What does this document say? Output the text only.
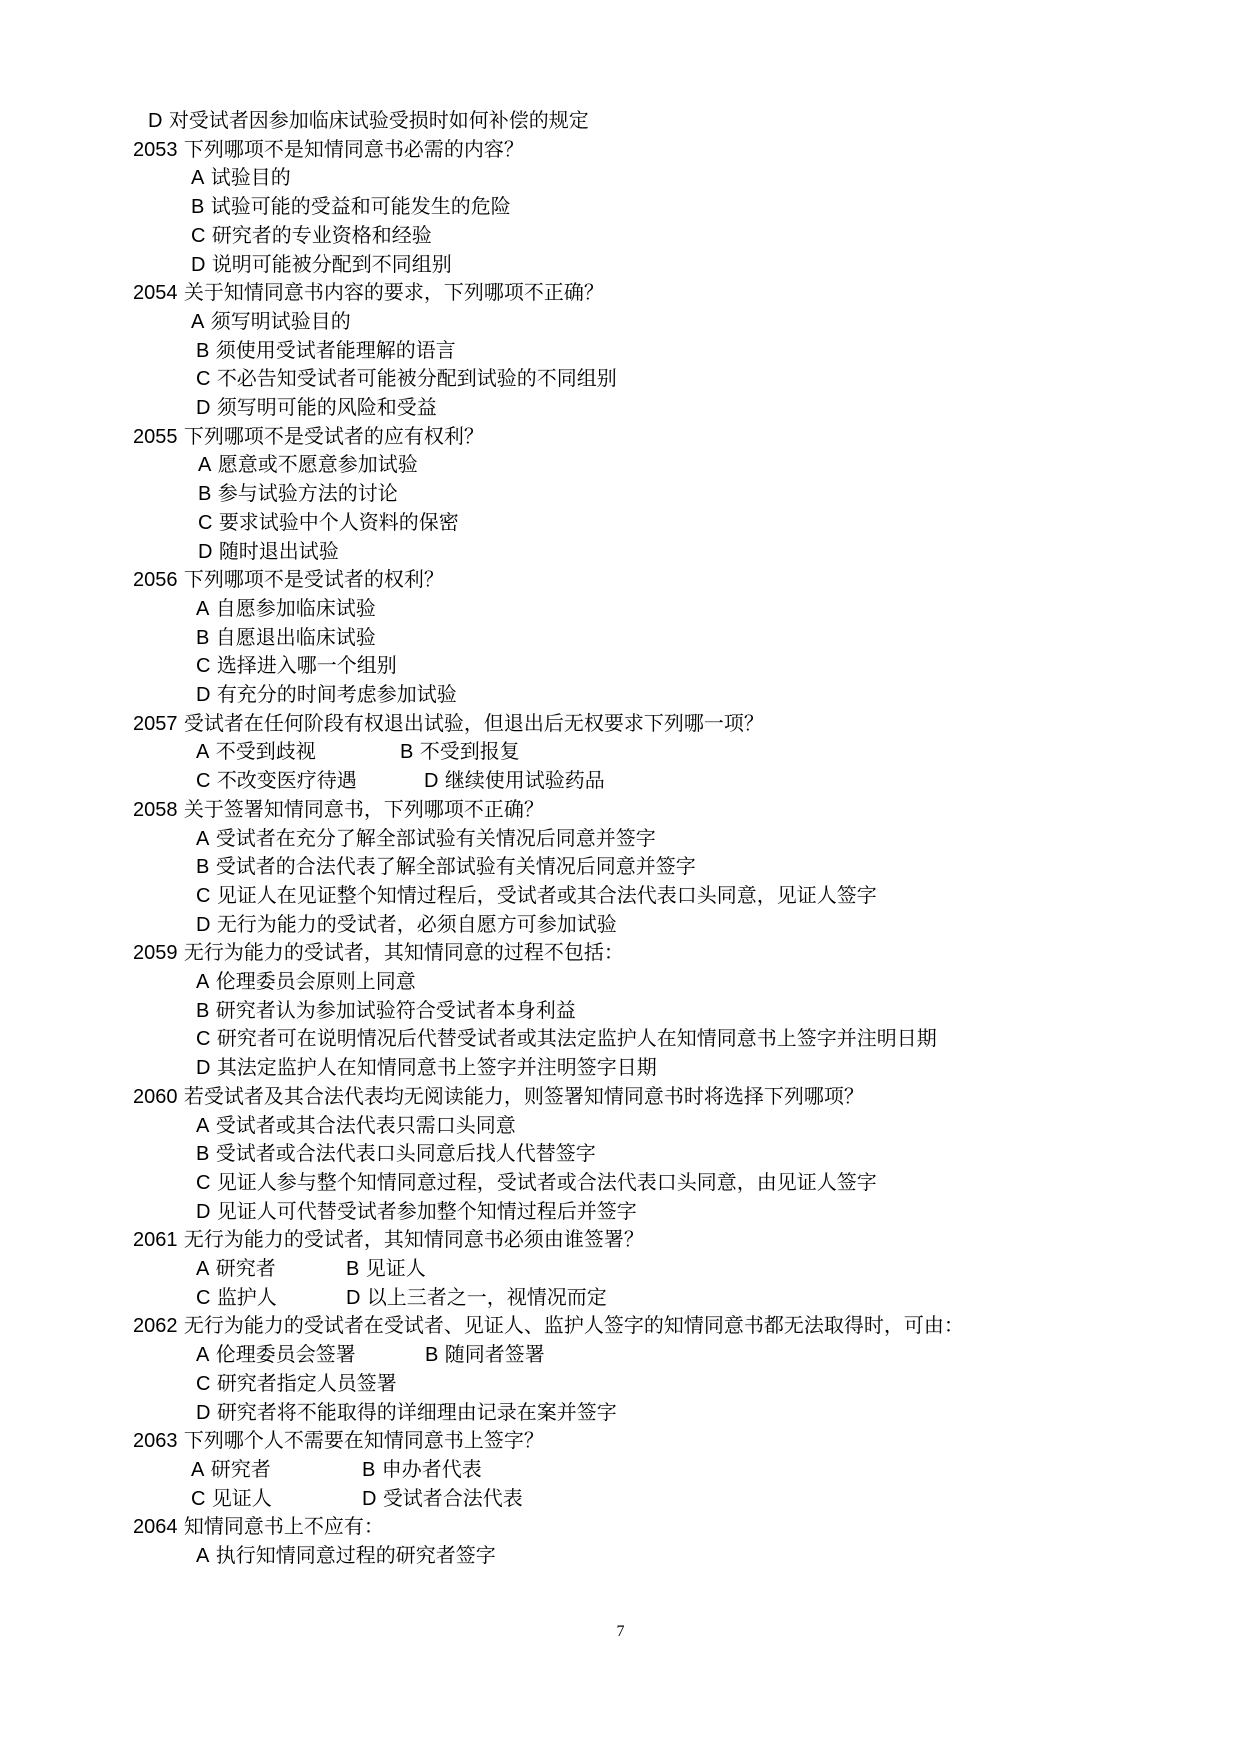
D 对受试者因参加临床试验受损时如何补偿的规定
2053 下列哪项不是知情同意书必需的内容？
A 试验目的
B 试验可能的受益和可能发生的危险
C 研究者的专业资格和经验
D 说明可能被分配到不同组别
2054 关于知情同意书内容的要求，下列哪项不正确？
A 须写明试验目的
B 须使用受试者能理解的语言
C 不必告知受试者可能被分配到试验的不同组别
D 须写明可能的风险和受益
2055 下列哪项不是受试者的应有权利？
A 愿意或不愿意参加试验
B 参与试验方法的讨论
C 要求试验中个人资料的保密
D 随时退出试验
2056 下列哪项不是受试者的权利？
A 自愿参加临床试验
B 自愿退出临床试验
C 选择进入哪一个组别
D 有充分的时间考虑参加试验
2057 受试者在任何阶段有权退出试验，但退出后无权要求下列哪一项？
A 不受到歧视	B 不受到报复
C 不改变医疗待遇	D 继续使用试验药品
2058 关于签署知情同意书，下列哪项不正确？
A 受试者在充分了解全部试验有关情况后同意并签字
B 受试者的合法代表了解全部试验有关情况后同意并签字
C 见证人在见证整个知情过程后，受试者或其合法代表口头同意，见证人签字
D 无行为能力的受试者，必须自愿方可参加试验
2059 无行为能力的受试者，其知情同意的过程不包括：
A 伦理委员会原则上同意
B 研究者认为参加试验符合受试者本身利益
C 研究者可在说明情况后代替受试者或其法定监护人在知情同意书上签字并注明日期
D 其法定监护人在知情同意书上签字并注明签字日期
2060 若受试者及其合法代表均无阅读能力，则签署知情同意书时将选择下列哪项？
A 受试者或其合法代表只需口头同意
B 受试者或合法代表口头同意后找人代替签字
C 见证人参与整个知情同意过程，受试者或合法代表口头同意，由见证人签字
D 见证人可代替受试者参加整个知情过程后并签字
2061 无行为能力的受试者，其知情同意书必须由谁签署？
A 研究者	B 见证人
C 监护人	D 以上三者之一，视情况而定
2062 无行为能力的受试者在受试者、见证人、监护人签字的知情同意书都无法取得时，可由：
A 伦理委员会签署	B 随同者签署
C 研究者指定人员签署
D 研究者将不能取得的详细理由记录在案并签字
2063 下列哪个人不需要在知情同意书上签字？
A 研究者	B 申办者代表
C 见证人	D 受试者合法代表
2064 知情同意书上不应有：
A 执行知情同意过程的研究者签字
7
